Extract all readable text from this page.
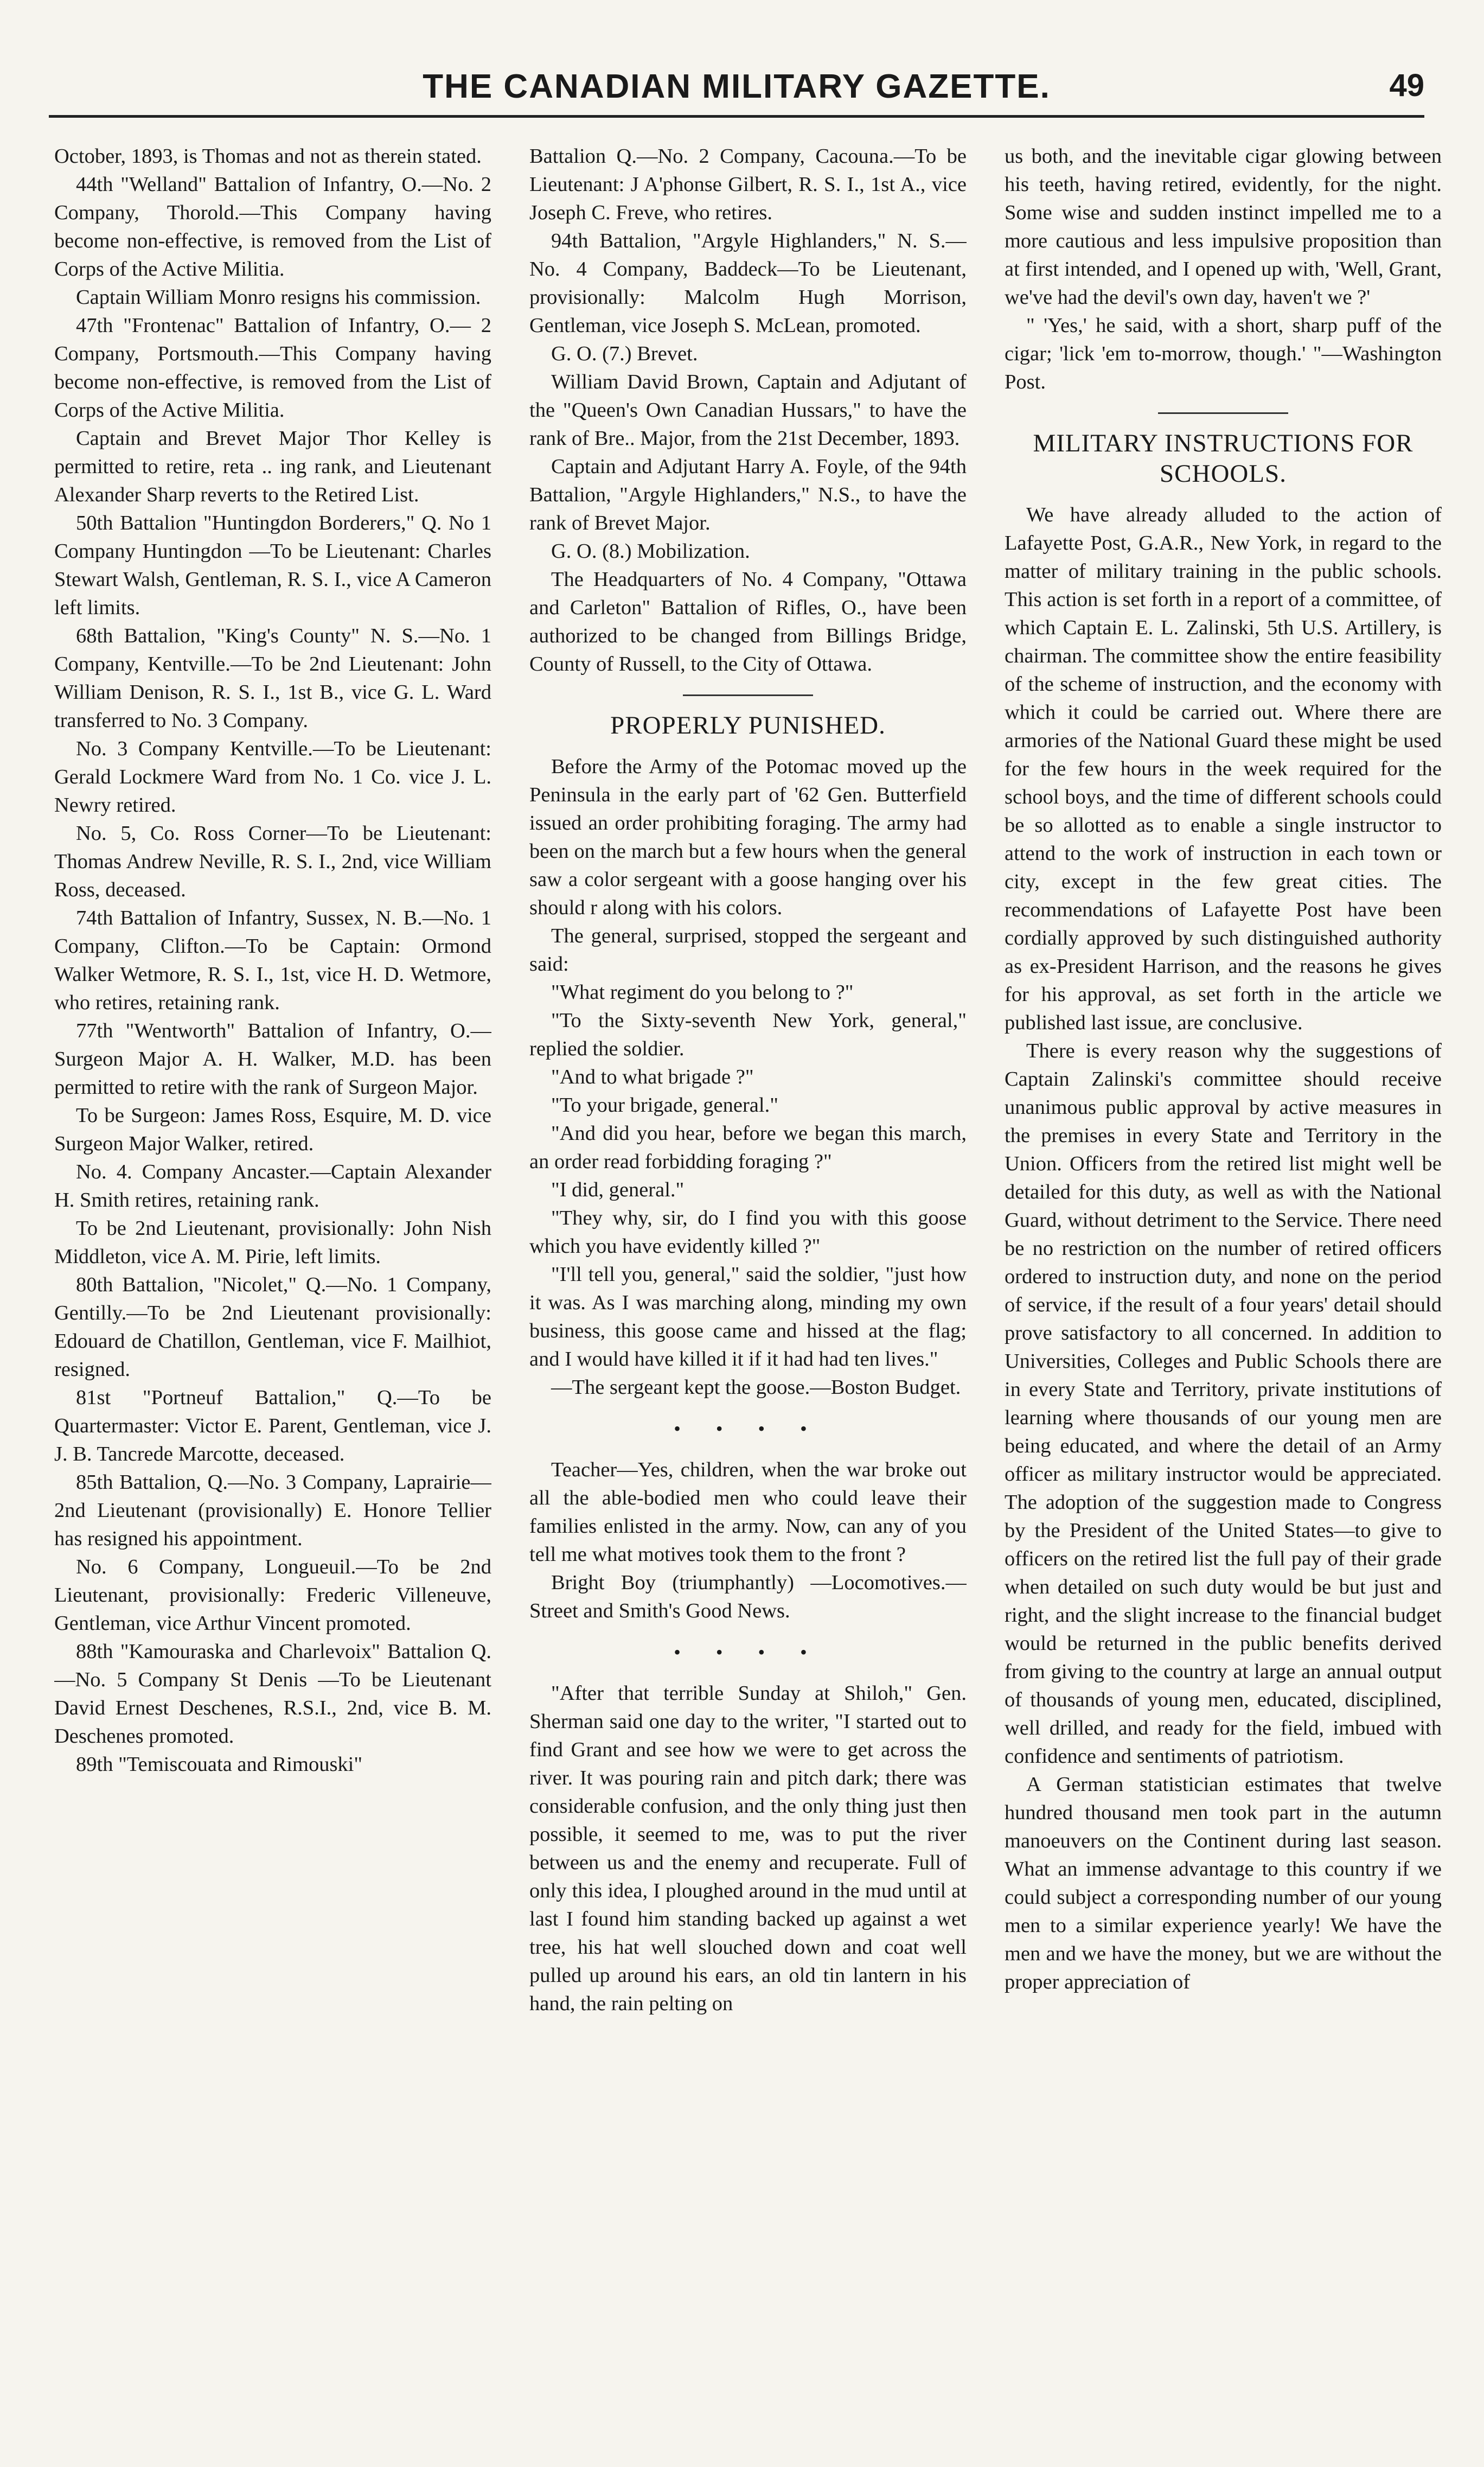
THE CANADIAN MILITARY GAZETTE.	49

October, 1893, is Thomas and not as therein stated.

44th "Welland" Battalion of Infantry, O.—No. 2 Company, Thorold.—This Company having become non-effective, is removed from the List of Corps of the Active Militia.

Captain William Monro resigns his commission.

47th "Frontenac" Battalion of Infantry, O.— 2 Company, Portsmouth.—This Company having become non-effective, is removed from the List of Corps of the Active Militia.

Captain and Brevet Major Thor Kelley is permitted to retire, reta .. ing rank, and Lieutenant Alexander Sharp reverts to the Retired List.

50th Battalion "Huntingdon Borderers," Q. No 1 Company Huntingdon —To be Lieutenant: Charles Stewart Walsh, Gentleman, R. S. I., vice A Cameron left limits.

68th Battalion, "King's County" N. S.—No. 1 Company, Kentville.—To be 2nd Lieutenant: John William Denison, R. S. I., 1st B., vice G. L. Ward transferred to No. 3 Company.

No. 3 Company Kentville.—To be Lieutenant: Gerald Lockmere Ward from No. 1 Co. vice J. L. Newry retired.

No. 5, Co. Ross Corner—To be Lieutenant: Thomas Andrew Neville, R. S. I., 2nd, vice William Ross, deceased.

74th Battalion of Infantry, Sussex, N. B.—No. 1 Company, Clifton.—To be Captain: Ormond Walker Wetmore, R. S. I., 1st, vice H. D. Wetmore, who retires, retaining rank.

77th "Wentworth" Battalion of Infantry, O.—Surgeon Major A. H. Walker, M.D. has been permitted to retire with the rank of Surgeon Major.

To be Surgeon: James Ross, Esquire, M. D. vice Surgeon Major Walker, retired.

No. 4. Company Ancaster.—Captain Alexander H. Smith retires, retaining rank.

To be 2nd Lieutenant, provisionally: John Nish Middleton, vice A. M. Pirie, left limits.

80th Battalion, "Nicolet," Q.—No. 1 Company, Gentilly.—To be 2nd Lieutenant provisionally: Edouard de Chatillon, Gentleman, vice F. Mailhiot, resigned.

81st "Portneuf Battalion," Q.—To be Quartermaster: Victor E. Parent, Gentleman, vice J. J. B. Tancrede Marcotte, deceased.

85th Battalion, Q.—No. 3 Company, Laprairie—2nd Lieutenant (provisionally) E. Honore Tellier has resigned his appointment.

No. 6 Company, Longueuil.—To be 2nd Lieutenant, provisionally: Frederic Villeneuve, Gentleman, vice Arthur Vincent promoted.

88th "Kamouraska and Charlevoix" Battalion Q.—No. 5 Company St Denis —To be Lieutenant David Ernest Deschenes, R.S.I., 2nd, vice B. M. Deschenes promoted.

89th "Temiscouata and Rimouski"

Battalion Q.—No. 2 Company, Cacouna.—To be Lieutenant: J A'phonse Gilbert, R. S. I., 1st A., vice Joseph C. Freve, who retires.

94th Battalion, "Argyle Highlanders," N. S.—No. 4 Company, Baddeck—To be Lieutenant, provisionally: Malcolm Hugh Morrison, Gentleman, vice Joseph S. McLean, promoted.

G. O. (7.) Brevet.

William David Brown, Captain and Adjutant of the "Queen's Own Canadian Hussars," to have the rank of Bre.. Major, from the 21st December, 1893.

Captain and Adjutant Harry A. Foyle, of the 94th Battalion, "Argyle Highlanders," N.S., to have the rank of Brevet Major.

G. O. (8.) Mobilization.

The Headquarters of No. 4 Company, "Ottawa and Carleton" Battalion of Rifles, O., have been authorized to be changed from Billings Bridge, County of Russell, to the City of Ottawa.

PROPERLY PUNISHED.

Before the Army of the Potomac moved up the Peninsula in the early part of '62 Gen. Butterfield issued an order prohibiting foraging. The army had been on the march but a few hours when the general saw a color sergeant with a goose hanging over his should r along with his colors.

The general, surprised, stopped the sergeant and said:

"What regiment do you belong to ?"

"To the Sixty-seventh New York, general," replied the soldier.

"And to what brigade ?"

"To your brigade, general."

"And did you hear, before we began this march, an order read forbidding foraging ?"

"I did, general."

"They why, sir, do I find you with this goose which you have evidently killed ?"

"I'll tell you, general," said the soldier, "just how it was. As I was marching along, minding my own business, this goose came and hissed at the flag; and I would have killed it if it had had ten lives."

—The sergeant kept the goose.—Boston Budget.

• • • •

Teacher—Yes, children, when the war broke out all the able-bodied men who could leave their families enlisted in the army. Now, can any of you tell me what motives took them to the front ?

Bright Boy (triumphantly) —Locomotives.—Street and Smith's Good News.

• • • •

"After that terrible Sunday at Shiloh," Gen. Sherman said one day to the writer, "I started out to find Grant and see how we were to get across the river. It was pouring rain and pitch dark; there was considerable confusion, and the only thing just then possible, it seemed to me, was to put the river between us and the enemy and recuperate. Full of only this idea, I ploughed around in the mud until at last I found him standing backed up against a wet tree, his hat well slouched down and coat well pulled up around his ears, an old tin lantern in his hand, the rain pelting on

us both, and the inevitable cigar glowing between his teeth, having retired, evidently, for the night. Some wise and sudden instinct impelled me to a more cautious and less impulsive proposition than at first intended, and I opened up with, 'Well, Grant, we've had the devil's own day, haven't we ?'

" 'Yes,' he said, with a short, sharp puff of the cigar; 'lick 'em to-morrow, though.' "—Washington Post.

MILITARY INSTRUCTIONS FOR SCHOOLS.

We have already alluded to the action of Lafayette Post, G.A.R., New York, in regard to the matter of military training in the public schools. This action is set forth in a report of a committee, of which Captain E. L. Zalinski, 5th U.S. Artillery, is chairman. The committee show the entire feasibility of the scheme of instruction, and the economy with which it could be carried out. Where there are armories of the National Guard these might be used for the few hours in the week required for the school boys, and the time of different schools could be so allotted as to enable a single instructor to attend to the work of instruction in each town or city, except in the few great cities. The recommendations of Lafayette Post have been cordially approved by such distinguished authority as ex-President Harrison, and the reasons he gives for his approval, as set forth in the article we published last issue, are conclusive.

There is every reason why the suggestions of Captain Zalinski's committee should receive unanimous public approval by active measures in the premises in every State and Territory in the Union. Officers from the retired list might well be detailed for this duty, as well as with the National Guard, without detriment to the Service. There need be no restriction on the number of retired officers ordered to instruction duty, and none on the period of service, if the result of a four years' detail should prove satisfactory to all concerned. In addition to Universities, Colleges and Public Schools there are in every State and Territory, private institutions of learning where thousands of our young men are being educated, and where the detail of an Army officer as military instructor would be appreciated. The adoption of the suggestion made to Congress by the President of the United States—to give to officers on the retired list the full pay of their grade when detailed on such duty would be but just and right, and the slight increase to the financial budget would be returned in the public benefits derived from giving to the country at large an annual output of thousands of young men, educated, disciplined, well drilled, and ready for the field, imbued with confidence and sentiments of patriotism.

A German statistician estimates that twelve hundred thousand men took part in the autumn manoeuvers on the Continent during last season. What an immense advantage to this country if we could subject a corresponding number of our young men to a similar experience yearly! We have the men and we have the money, but we are without the proper appreciation of
